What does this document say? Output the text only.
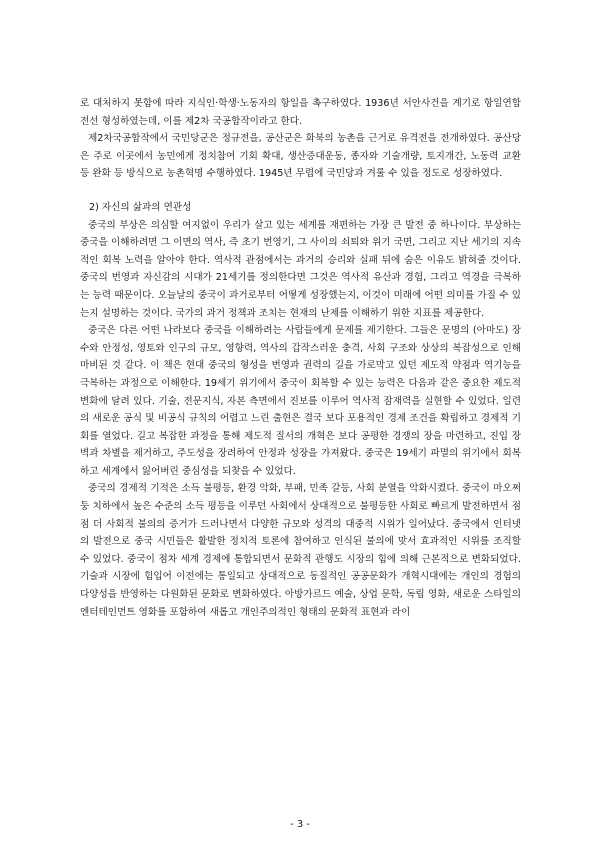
로 대처하지 못함에 따라 지식인·학생·노동자의 항일을 촉구하였다. 1936년 서안사건을 계기로 항일연합전선 형성하였는데, 이를 제2차 국공합작이라고 한다.

제2차국공합작에서 국민당군은 정규전을, 공산군은 화북의 농촌을 근거로 유격전을 전개하였다. 공산당은 주로 이곳에서 농민에게 정치참여 기회 확대, 생산증대운동, 종자와 기술개량, 토지개간, 노동력 교환 등 완화 등 방식으로 농촌혁명 수행하였다. 1945년 무렵에 국민당과 겨룰 수 있을 정도로 성장하였다.

2) 자신의 삶과의 연관성

중국의 부상은 의심할 여지없이 우리가 살고 있는 세계를 재편하는 가장 큰 발전 중 하나이다. 부상하는 중국을 이해하려면 그 이면의 역사, 즉 초기 번영기, 그 사이의 쇠퇴와 위기 국면, 그리고 지난 세기의 지속적인 회복 노력을 알아야 한다. 역사적 관점에서는 과거의 승리와 실패 뒤에 숨은 이유도 밝혀줄 것이다. 중국의 번영과 자신감의 시대가 21세기를 정의한다면 그것은 역사적 유산과 경험, 그리고 역경을 극복하는 능력 때문이다. 오늘날의 중국이 과거로부터 어떻게 성장했는지, 이것이 미래에 어떤 의미를 가질 수 있는지 설명하는 것이다. 국가의 과거 정책과 조치는 현재의 난제를 이해하기 위한 지표를 제공한다.

중국은 다른 어떤 나라보다 중국을 이해하려는 사람들에게 문제를 제기한다. 그들은 문명의 (아마도) 장수와 안정성, 영토와 인구의 규모, 영향력, 역사의 갑작스러운 충격, 사회 구조와 상상의 복잡성으로 인해 마비된 것 같다. 이 책은 현대 중국의 형성을 번영과 권력의 길을 가로막고 있던 제도적 약점과 역기능을 극복하는 과정으로 이해한다. 19세기 위기에서 중국이 회복할 수 있는 능력은 다음과 같은 중요한 제도적 변화에 달려 있다. 기술, 전문지식, 자본 측면에서 진보를 이루어 역사적 잠재력을 실현할 수 있었다. 일련의 새로운 공식 및 비공식 규칙의 어렵고 느린 출현은 결국 보다 포용적인 경제 조건을 확립하고 경제적 기회를 열었다. 길고 복잡한 과정을 통해 제도적 질서의 개혁은 보다 공평한 경쟁의 장을 마련하고, 진입 장벽과 차별을 제거하고, 주도성을 장려하여 안정과 성장을 가져왔다. 중국은 19세기 파멸의 위기에서 회복하고 세계에서 잃어버린 중심성을 되찾을 수 있었다.

중국의 경제적 기적은 소득 불평등, 환경 악화, 부패, 민족 갈등, 사회 분열을 악화시켰다. 중국이 마오쩌둥 치하에서 높은 수준의 소득 평등을 이루던 사회에서 상대적으로 불평등한 사회로 빠르게 발전하면서 점점 더 사회적 불의의 증거가 드러나면서 다양한 규모와 성격의 대중적 시위가 일어났다. 중국에서 인터넷의 발전으로 중국 시민들은 활발한 정치적 토론에 참여하고 인식된 불의에 맞서 효과적인 시위를 조직할 수 있었다. 중국이 점차 세계 경제에 통합되면서 문화적 관행도 시장의 힘에 의해 근본적으로 변화되었다. 기술과 시장에 힘입어 이전에는 통일되고 상대적으로 동질적인 공공문화가 개혁시대에는 개인의 경험의 다양성을 반영하는 다원화된 문화로 변화하였다. 아방가르드 예술, 상업 문학, 독립 영화, 새로운 스타일의 엔터테인먼트 영화를 포함하여 새롭고 개인주의적인 형태의 문화적 표현과 라이

- 3 -
